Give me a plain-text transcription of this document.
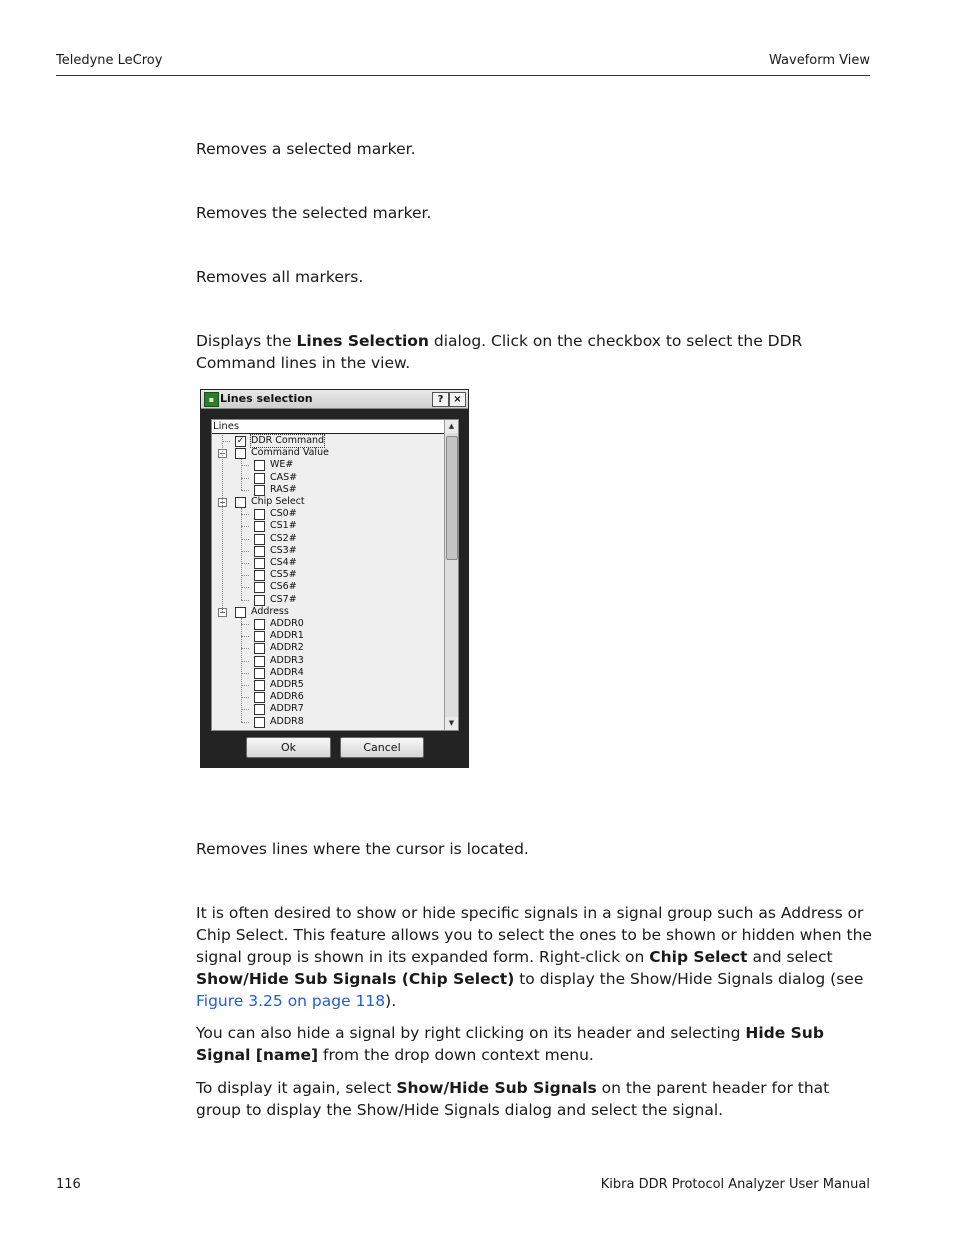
Teledyne LeCroy	Waveform View
Removes a selected marker.
Removes the selected marker.
Removes all markers.
Displays the Lines Selection dialog. Click on the checkbox to select the DDR Command lines in the view.
▪ Lines selection	? ×
Lines
✓ DDR Command
−	Command Value
WE#
CAS#
RAS#
−	Chip Select
CS0#
CS1#
CS2#
CS3#
CS4#
CS5#
CS6#
CS7#
−	Address
ADDR0
ADDR1
ADDR2
ADDR3
ADDR4
ADDR5
ADDR6
ADDR7
ADDR8
▲
▼
Ok	Cancel
Removes lines where the cursor is located.
It is often desired to show or hide specific signals in a signal group such as Address or Chip Select. This feature allows you to select the ones to be shown or hidden when the signal group is shown in its expanded form. Right-click on Chip Select and select Show/Hide Sub Signals (Chip Select) to display the Show/Hide Signals dialog (see Figure 3.25 on page 118).
You can also hide a signal by right clicking on its header and selecting Hide Sub Signal [name] from the drop down context menu.
To display it again, select Show/Hide Sub Signals on the parent header for that group to display the Show/Hide Signals dialog and select the signal.
116	Kibra DDR Protocol Analyzer User Manual
